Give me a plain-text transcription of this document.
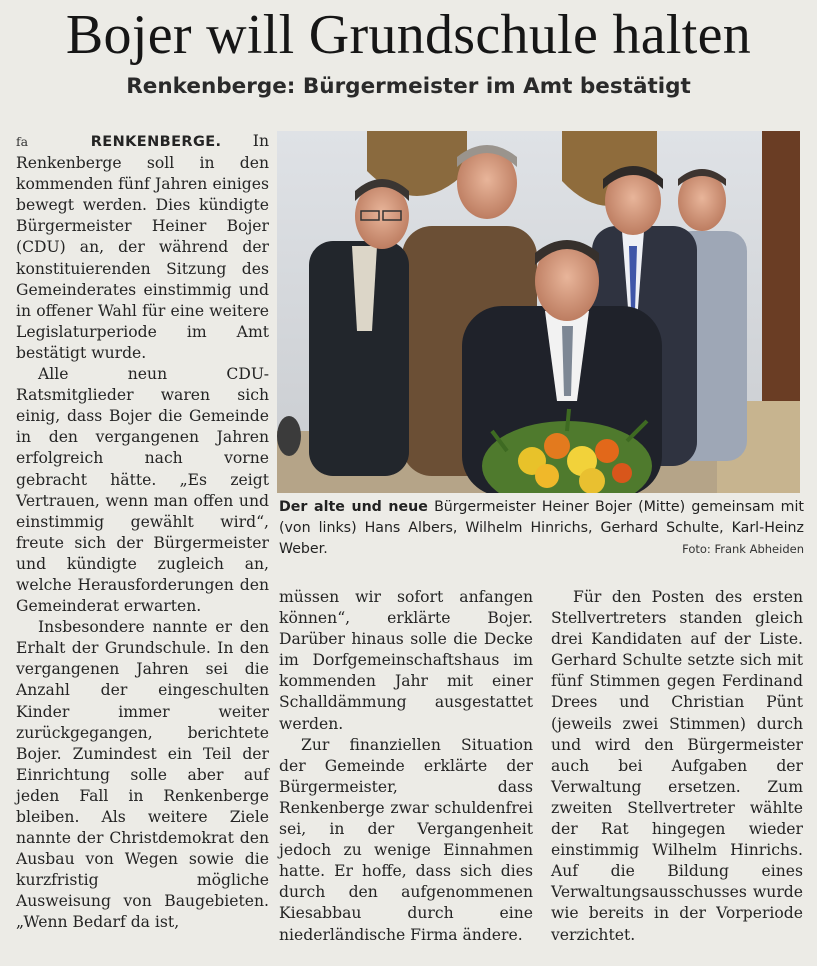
Bojer will Grundschule halten
Renkenberge: Bürgermeister im Amt bestätigt

fa	RENKENBERGE. In Renkenberge soll in den kommenden fünf Jahren einiges bewegt werden. Dies kündigte Bürgermeister Heiner Bojer (CDU) an, der während der konstituierenden Sitzung des Gemeinderates einstimmig und in offener Wahl für eine weitere Legislaturperiode im Amt bestätigt wurde.

Alle neun CDU-Ratsmitglieder waren sich einig, dass Bojer die Gemeinde in den vergangenen Jahren erfolgreich nach vorne gebracht hätte. „Es zeigt Vertrauen, wenn man offen und einstimmig gewählt wird“, freute sich der Bürgermeister und kündigte zugleich an, welche Herausforderungen den Gemeinderat erwarten.

Insbesondere nannte er den Erhalt der Grundschule. In den vergangenen Jahren sei die Anzahl der eingeschulten Kinder immer weiter zurückgegangen, berichtete Bojer. Zumindest ein Teil der Einrichtung solle aber auf jeden Fall in Renkenberge bleiben. Als weitere Ziele nannte der Christdemokrat den Ausbau von Wegen sowie die kurzfristig mögliche Ausweisung von Baugebieten. „Wenn Bedarf da ist,

Der alte und neue Bürgermeister Heiner Bojer (Mitte) gemeinsam mit (von links) Hans Albers, Wilhelm Hinrichs, Gerhard Schulte, Karl-Heinz Weber.	Foto: Frank Abheiden

müssen wir sofort anfangen können“, erklärte Bojer. Darüber hinaus solle die Decke im Dorfgemeinschaftshaus im kommenden Jahr mit einer Schalldämmung ausgestattet werden.

Zur finanziellen Situation der Gemeinde erklärte der Bürgermeister, dass Renkenberge zwar schuldenfrei sei, in der Vergangenheit jedoch zu wenige Einnahmen hatte. Er hoffe, dass sich dies durch den aufgenommenen Kiesabbau durch eine niederländische Firma ändere.

Für den Posten des ersten Stellvertreters standen gleich drei Kandidaten auf der Liste. Gerhard Schulte setzte sich mit fünf Stimmen gegen Ferdinand Drees und Christian Pünt (jeweils zwei Stimmen) durch und wird den Bürgermeister auch bei Aufgaben der Verwaltung ersetzen. Zum zweiten Stellvertreter wählte der Rat hingegen wieder einstimmig Wilhelm Hinrichs. Auf die Bildung eines Verwaltungsausschusses wurde wie bereits in der Vorperiode verzichtet.
